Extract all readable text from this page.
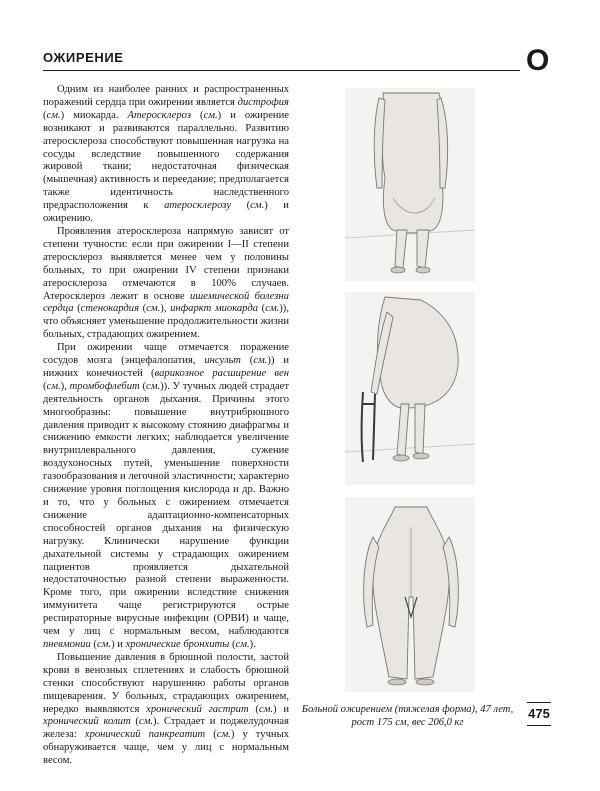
ОЖИРЕНИЕ	О

Одним из наиболее ранних и распространенных поражений сердца при ожирении является дистрофия (см.) миокарда. Атеросклероз (см.) и ожирение возникают и развиваются параллельно. Развитию атеросклероза способствуют повышенная нагрузка на сосуды вследствие повышенного содержания жировой ткани; недостаточная физическая (мышечная) активность и переедание; предполагается также идентичность наследственного предрасположения к атеросклерозу (см.) и ожирению.

Проявления атеросклероза напрямую зависят от степени тучности: если при ожирении I—II степени атеросклероз выявляется менее чем у половины больных, то при ожирении IV степени признаки атеросклероза отмечаются в 100% случаев. Атеросклероз лежит в основе ишемической болезни сердца (стенокардия (см.), инфаркт миокарда (см.)), что объясняет уменьшение продолжительности жизни больных, страдающих ожирением.

При ожирении чаще отмечается поражение сосудов мозга (энцефалопатия, инсульт (см.)) и нижних конечностей (варикозное расширение вен (см.), тромбофлебит (см.)). У тучных людей страдает деятельность органов дыхания. Причины этого многообразны: повышение внутрибрюшного давления приводит к высокому стоянию диафрагмы и снижению емкости легких; наблюдается увеличение внутриплеврального давления, сужение воздухоносных путей, уменьшение поверхности газообразования и легочной эластичности; характерно снижение уровня поглощения кислорода и др. Важно и то, что у больных с ожирением отмечается снижение адаптационно-компенсаторных способностей органов дыхания на физическую нагрузку. Клинически нарушение функции дыхательной системы у страдающих ожирением пациентов проявляется дыхательной недостаточностью разной степени выраженности. Кроме того, при ожирении вследствие снижения иммунитета чаще регистрируются острые респираторные вирусные инфекции (ОРВИ) и чаще, чем у лиц с нормальным весом, наблюдаются пневмонии (см.) и хронические бронхиты (см.).

Повышение давления в брюшной полости, застой крови в венозных сплетениях и слабость брюшной стенки способствуют нарушению работы органов пищеварения. У больных, страдающих ожирением, нередко выявляются хронический гастрит (см.) и хронический колит (см.). Страдает и поджелудочная железа: хронический панкреатит (см.) у тучных обнаруживается чаще, чем у лиц с нормальным весом.

Больной ожирением (тяжелая форма), 47 лет,
рост 175 см, вес 206,0 кг
475
